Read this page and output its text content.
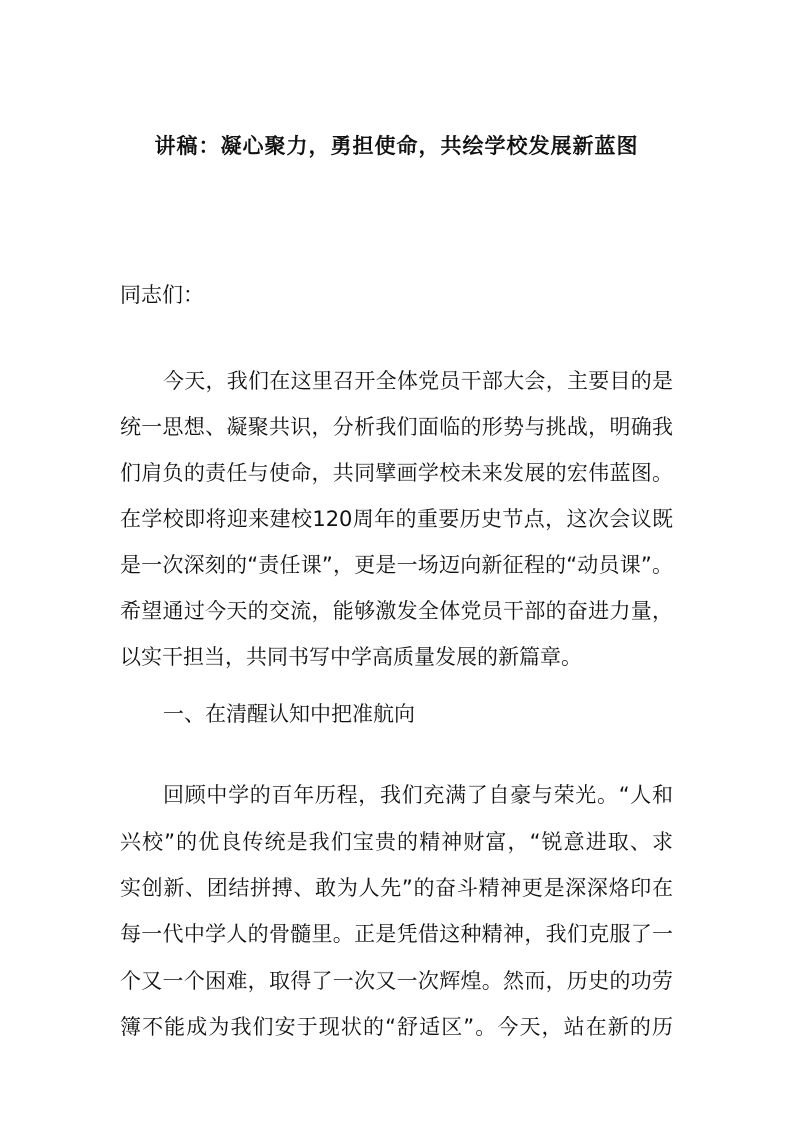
讲稿：凝心聚力，勇担使命，共绘学校发展新蓝图
同志们：
今天，我们在这里召开全体党员干部大会，主要目的是
统一思想、凝聚共识，分析我们面临的形势与挑战，明确我
们肩负的责任与使命，共同擘画学校未来发展的宏伟蓝图。
在学校即将迎来建校120周年的重要历史节点，这次会议既
是一次深刻的“责任课”，更是一场迈向新征程的“动员课”。
希望通过今天的交流，能够激发全体党员干部的奋进力量，
以实干担当，共同书写中学高质量发展的新篇章。
一、在清醒认知中把准航向
回顾中学的百年历程，我们充满了自豪与荣光。“人和
兴校”的优良传统是我们宝贵的精神财富，“锐意进取、求
实创新、团结拼搏、敢为人先”的奋斗精神更是深深烙印在
每一代中学人的骨髓里。正是凭借这种精神，我们克服了一
个又一个困难，取得了一次又一次辉煌。然而，历史的功劳
簿不能成为我们安于现状的“舒适区”。今天，站在新的历
